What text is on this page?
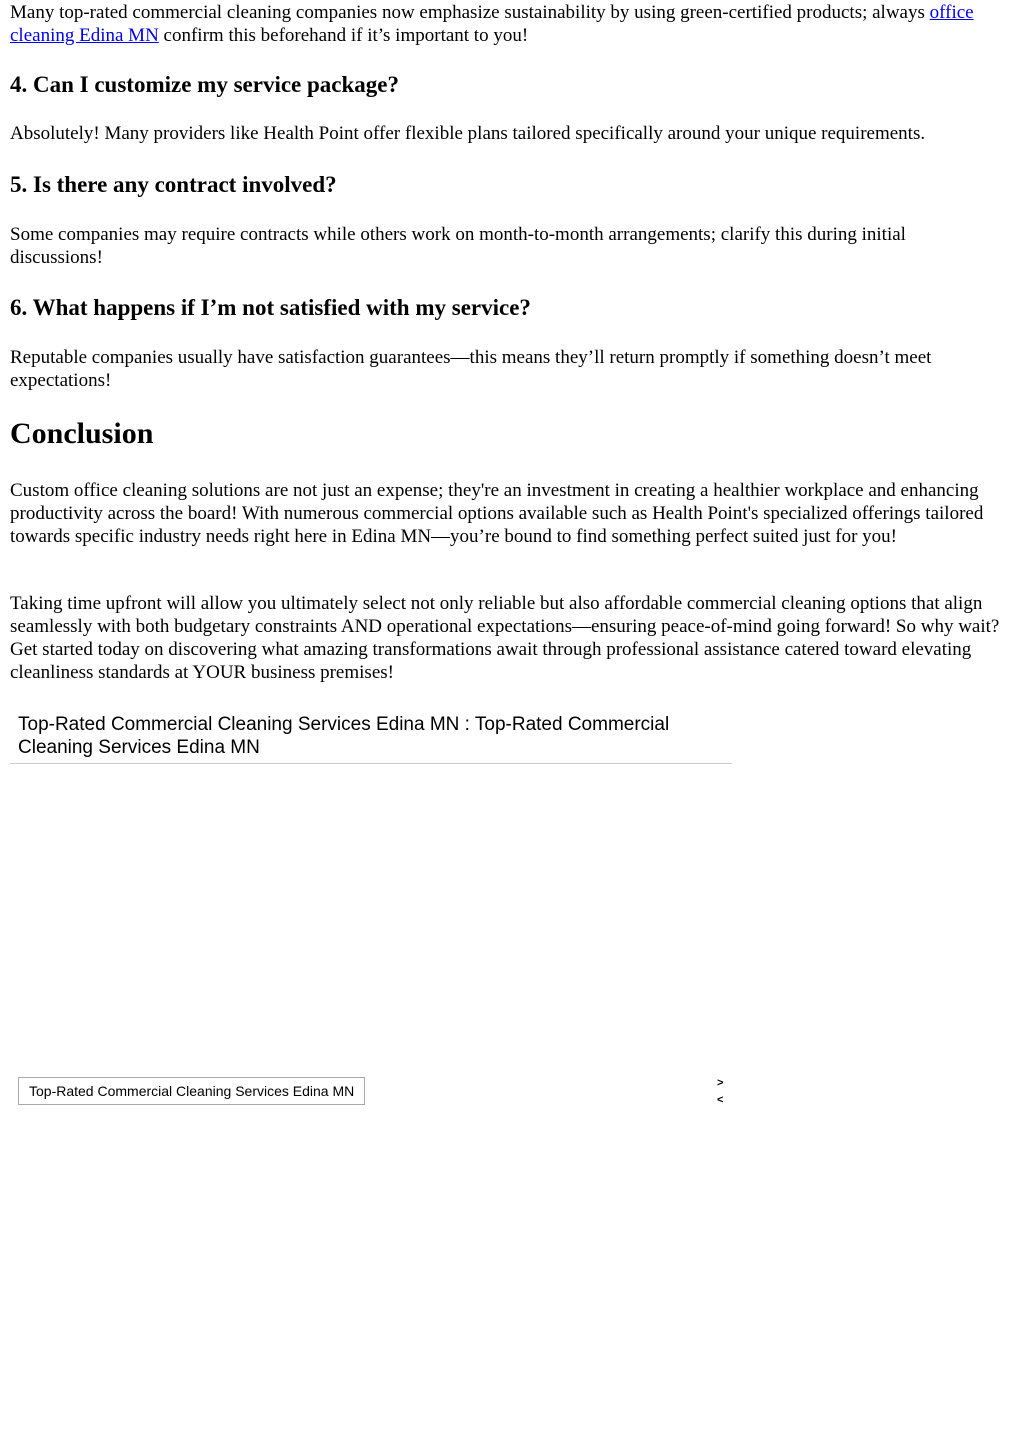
Many top-rated commercial cleaning companies now emphasize sustainability by using green-certified products; always office cleaning Edina MN confirm this beforehand if it’s important to you!

4. Can I customize my service package?

Absolutely! Many providers like Health Point offer flexible plans tailored specifically around your unique requirements.

5. Is there any contract involved?

Some companies may require contracts while others work on month-to-month arrangements; clarify this during initial discussions!

6. What happens if I’m not satisfied with my service?

Reputable companies usually have satisfaction guarantees—this means they’ll return promptly if something doesn’t meet expectations!

Conclusion

Custom office cleaning solutions are not just an expense; they're an investment in creating a healthier workplace and enhancing productivity across the board! With numerous commercial options available such as Health Point's specialized offerings tailored towards specific industry needs right here in Edina MN—you’re bound to find something perfect suited just for you!

Taking time upfront will allow you ultimately select not only reliable but also affordable commercial cleaning options that align seamlessly with both budgetary constraints AND operational expectations—ensuring peace-of-mind going forward! So why wait? Get started today on discovering what amazing transformations await through professional assistance catered toward elevating cleanliness standards at YOUR business premises!

Top-Rated Commercial Cleaning Services Edina MN : Top-Rated Commercial Cleaning Services Edina MN
Top-Rated Commercial Cleaning Services Edina MN	>
<
